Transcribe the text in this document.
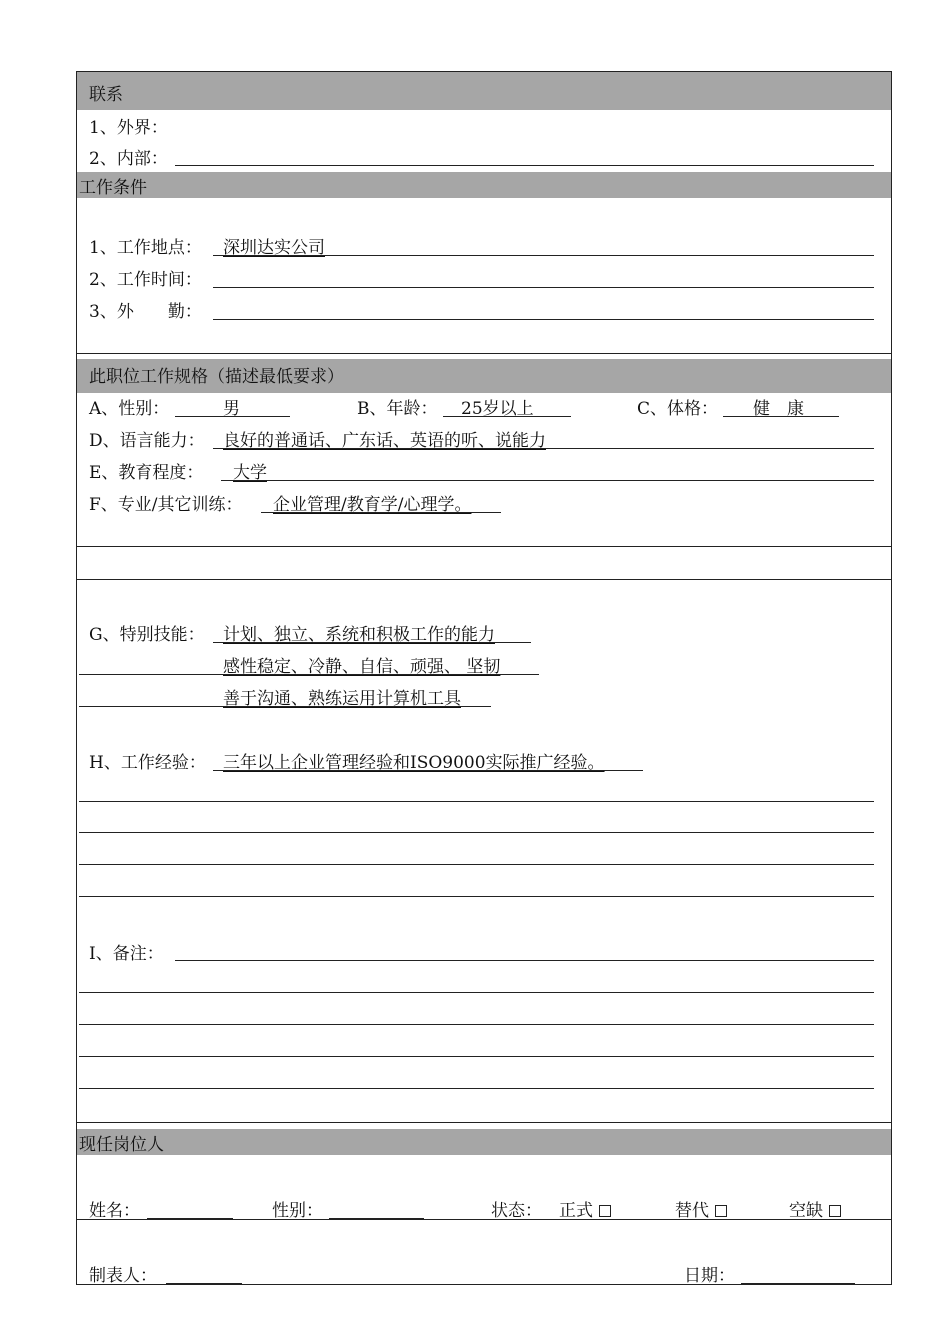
联系
1、外界：
2、内部：
工作条件
1、工作地点： 深圳达实公司
2、工作时间：
3、外　　勤：
此职位工作规格（描述最低要求）
A、性别：	男	B、年龄： 25岁以上	C、体格： 健　康
D、语言能力： 良好的普通话、广东话、英语的听、说能力
E、教育程度： 大学
F、专业/其它训练： 企业管理/教育学/心理学。
G、特别技能： 计划、独立、系统和积极工作的能力
感性稳定、冷静、自信、顽强、 坚韧
善于沟通、熟练运用计算机工具
H、工作经验： 三年以上企业管理经验和ISO9000实际推广经验。
I、备注：
现任岗位人
姓名：	性别：	状态： 正式	替代	空缺
制表人：	日期：
